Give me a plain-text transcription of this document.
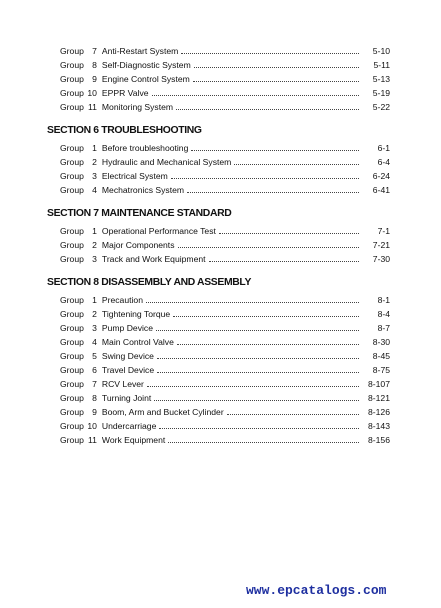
Group 7 Anti-Restart System	5-10
Group 8 Self-Diagnostic System	5-11
Group 9 Engine Control System	5-13
Group 10 EPPR Valve	5-19
Group 11 Monitoring System	5-22
SECTION 6 TROUBLESHOOTING
Group 1 Before troubleshooting	6-1
Group 2 Hydraulic and Mechanical System	6-4
Group 3 Electrical System	6-24
Group 4 Mechatronics System	6-41
SECTION 7 MAINTENANCE STANDARD
Group 1 Operational Performance Test	7-1
Group 2 Major Components	7-21
Group 3 Track and Work Equipment	7-30
SECTION 8 DISASSEMBLY AND ASSEMBLY
Group 1 Precaution	8-1
Group 2 Tightening Torque	8-4
Group 3 Pump Device	8-7
Group 4 Main Control Valve	8-30
Group 5 Swing Device	8-45
Group 6 Travel Device	8-75
Group 7 RCV Lever	8-107
Group 8 Turning Joint	8-121
Group 9 Boom, Arm and Bucket Cylinder	8-126
Group 10 Undercarriage	8-143
Group 11 Work Equipment	8-156
www.epcatalogs.com
